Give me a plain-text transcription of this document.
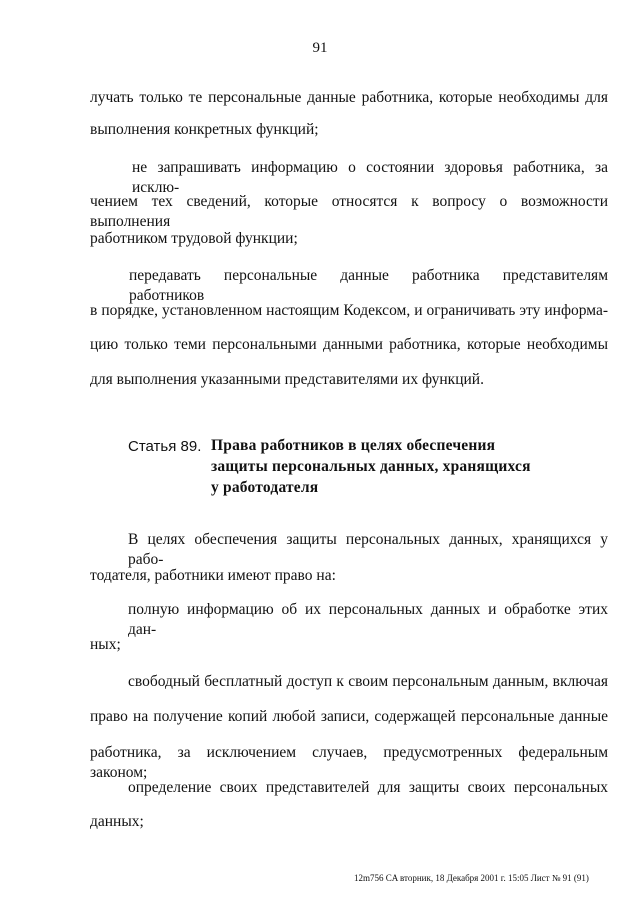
91
лучать только те персональные данные работника, которые необходимы для
выполнения конкретных функций;
не запрашивать информацию о состоянии здоровья работника, за исклю-
чением тех сведений, которые относятся к вопросу о возможности выполнения
работником трудовой функции;
передавать персональные данные работника представителям работников
в порядке, установленном настоящим Кодексом, и ограничивать эту информа-
цию только теми персональными данными работника, которые необходимы
для выполнения указанными представителями их функций.
Статья 89. Права работников в целях обеспечения
защиты персональных данных, хранящихся
у работодателя
В целях обеспечения защиты персональных данных, хранящихся у рабо-
тодателя, работники имеют право на:
полную информацию об их персональных данных и обработке этих дан-
ных;
свободный бесплатный доступ к своим персональным данным, включая
право на получение копий любой записи, содержащей персональные данные
работника, за исключением случаев, предусмотренных федеральным законом;
определение своих представителей для защиты своих персональных
данных;
12m756 CA вторник, 18 Декабря 2001 г. 15:05 Лист № 91 (91)
